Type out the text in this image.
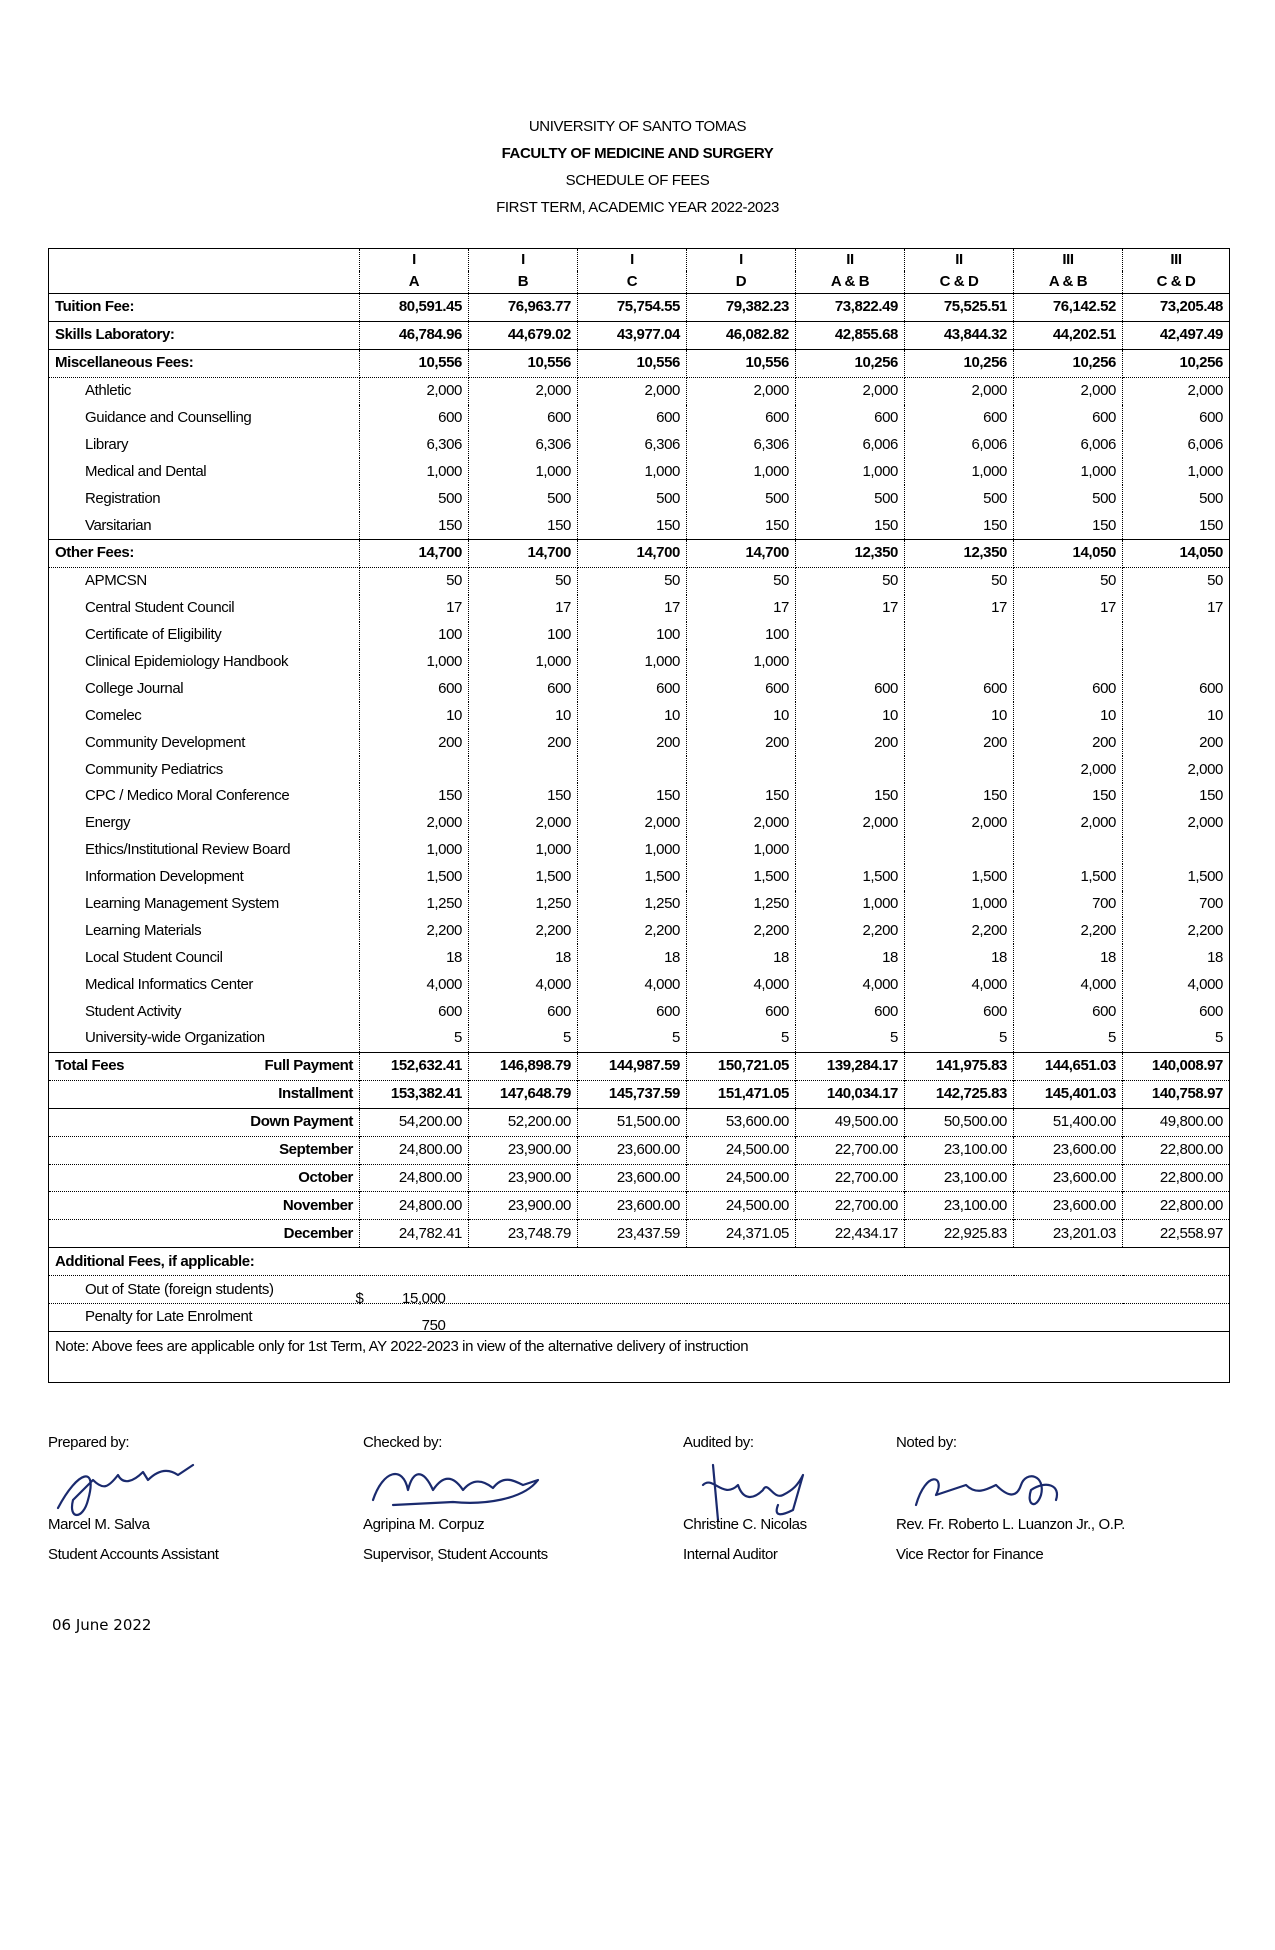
UNIVERSITY OF SANTO TOMAS
FACULTY OF MEDICINE AND SURGERY
SCHEDULE OF FEES
FIRST TERM, ACADEMIC YEAR 2022-2023
	I	I	I	I	II	II	III	III
	A	B	C	D	A & B	C & D	A & B	C & D
Tuition Fee:	80,591.45	76,963.77	75,754.55	79,382.23	73,822.49	75,525.51	76,142.52	73,205.48
Skills Laboratory:	46,784.96	44,679.02	43,977.04	46,082.82	42,855.68	43,844.32	44,202.51	42,497.49
Miscellaneous Fees:	10,556	10,556	10,556	10,556	10,256	10,256	10,256	10,256
Athletic	2,000	2,000	2,000	2,000	2,000	2,000	2,000	2,000
Guidance and Counselling	600	600	600	600	600	600	600	600
Library	6,306	6,306	6,306	6,306	6,006	6,006	6,006	6,006
Medical and Dental	1,000	1,000	1,000	1,000	1,000	1,000	1,000	1,000
Registration	500	500	500	500	500	500	500	500
Varsitarian	150	150	150	150	150	150	150	150
Other Fees:	14,700	14,700	14,700	14,700	12,350	12,350	14,050	14,050
APMCSN	50	50	50	50	50	50	50	50
Central Student Council	17	17	17	17	17	17	17	17
Certificate of Eligibility	100	100	100	100				
Clinical Epidemiology Handbook	1,000	1,000	1,000	1,000				
College Journal	600	600	600	600	600	600	600	600
Comelec	10	10	10	10	10	10	10	10
Community Development	200	200	200	200	200	200	200	200
Community Pediatrics							2,000	2,000
CPC / Medico Moral Conference	150	150	150	150	150	150	150	150
Energy	2,000	2,000	2,000	2,000	2,000	2,000	2,000	2,000
Ethics/Institutional Review Board	1,000	1,000	1,000	1,000				
Information Development	1,500	1,500	1,500	1,500	1,500	1,500	1,500	1,500
Learning Management System	1,250	1,250	1,250	1,250	1,000	1,000	700	700
Learning Materials	2,200	2,200	2,200	2,200	2,200	2,200	2,200	2,200
Local Student Council	18	18	18	18	18	18	18	18
Medical Informatics Center	4,000	4,000	4,000	4,000	4,000	4,000	4,000	4,000
Student Activity	600	600	600	600	600	600	600	600
University-wide Organization	5	5	5	5	5	5	5	5

Total Fees Full Payment	152,632.41	146,898.79	144,987.59	150,721.05	139,284.17	141,975.83	144,651.03	140,008.97
Installment	153,382.41	147,648.79	145,737.59	151,471.05	140,034.17	142,725.83	145,401.03	140,758.97
Down Payment	54,200.00	52,200.00	51,500.00	53,600.00	49,500.00	50,500.00	51,400.00	49,800.00
September	24,800.00	23,900.00	23,600.00	24,500.00	22,700.00	23,100.00	23,600.00	22,800.00
October	24,800.00	23,900.00	23,600.00	24,500.00	22,700.00	23,100.00	23,600.00	22,800.00
November	24,800.00	23,900.00	23,600.00	24,500.00	22,700.00	23,100.00	23,600.00	22,800.00
December	24,782.41	23,748.79	23,437.59	24,371.05	22,434.17	22,925.83	23,201.03	22,558.97
Additional Fees, if applicable:								
Out of State (foreign students)	$ 15,000							

Penalty for Late Enrolment	750							

Note: Above fees are applicable only for 1st Term, AY 2022-2023 in view of the alternative delivery of instruction								
Prepared by:
Marcel M. Salva
Student Accounts Assistant
Checked by:
Agripina M. Corpuz
Supervisor, Student Accounts
Audited by:
Christine C. Nicolas
Internal Auditor
Noted by:
Rev. Fr. Roberto L. Luanzon Jr., O.P.
Vice Rector for Finance
06 June 2022
